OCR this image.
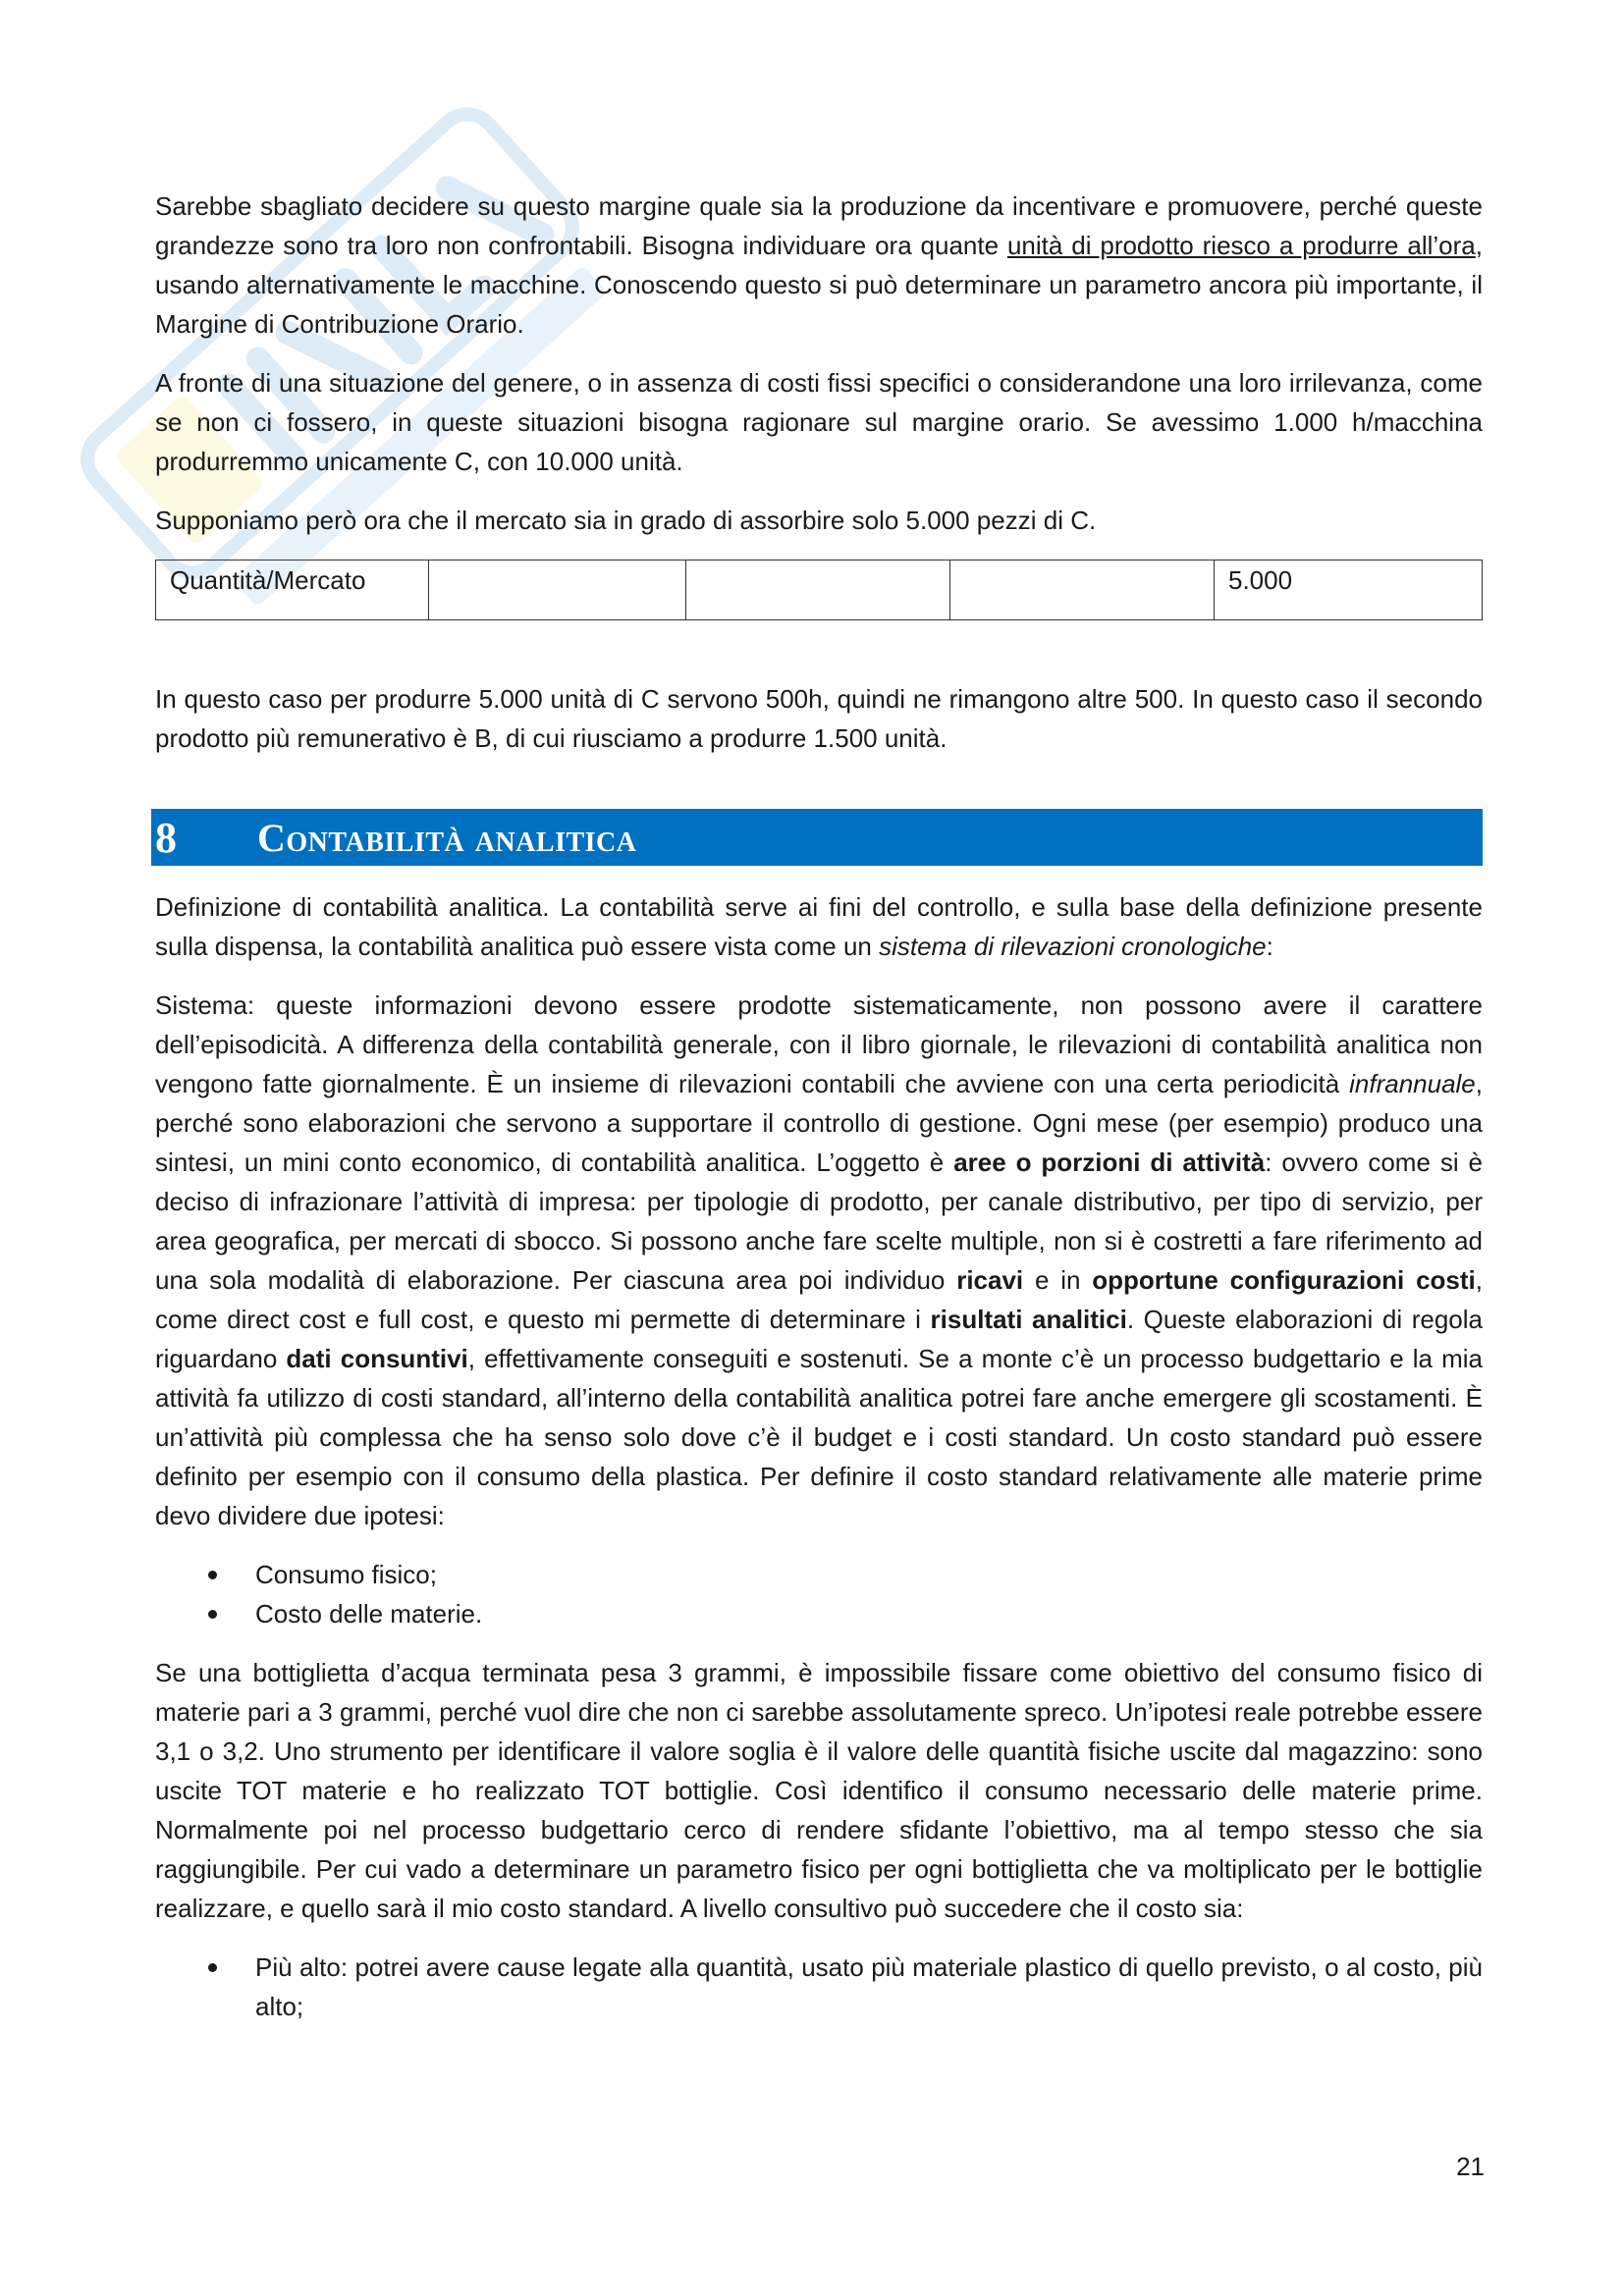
Sarebbe sbagliato decidere su questo margine quale sia la produzione da incentivare e promuovere, perché queste grandezze sono tra loro non confrontabili. Bisogna individuare ora quante unità di prodotto riesco a produrre all’ora, usando alternativamente le macchine. Conoscendo questo si può determinare un parametro ancora più importante, il Margine di Contribuzione Orario.

A fronte di una situazione del genere, o in assenza di costi fissi specifici o considerandone una loro irrilevanza, come se non ci fossero, in queste situazioni bisogna ragionare sul margine orario. Se avessimo 1.000 h/macchina produrremmo unicamente C, con 10.000 unità.

Supponiamo però ora che il mercato sia in grado di assorbire solo 5.000 pezzi di C.

Quantità/Mercato				5.000

In questo caso per produrre 5.000 unità di C servono 500h, quindi ne rimangono altre 500. In questo caso il secondo prodotto più remunerativo è B, di cui riusciamo a produrre 1.500 unità.

8	Contabilità analitica

Definizione di contabilità analitica. La contabilità serve ai fini del controllo, e sulla base della definizione presente sulla dispensa, la contabilità analitica può essere vista come un sistema di rilevazioni cronologiche:

Sistema: queste informazioni devono essere prodotte sistematicamente, non possono avere il carattere dell’episodicità. A differenza della contabilità generale, con il libro giornale, le rilevazioni di contabilità analitica non vengono fatte giornalmente. È un insieme di rilevazioni contabili che avviene con una certa periodicità infrannuale, perché sono elaborazioni che servono a supportare il controllo di gestione. Ogni mese (per esempio) produco una sintesi, un mini conto economico, di contabilità analitica. L’oggetto è aree o porzioni di attività: ovvero come si è deciso di infrazionare l’attività di impresa: per tipologie di prodotto, per canale distributivo, per tipo di servizio, per area geografica, per mercati di sbocco. Si possono anche fare scelte multiple, non si è costretti a fare riferimento ad una sola modalità di elaborazione. Per ciascuna area poi individuo ricavi e in opportune configurazioni costi, come direct cost e full cost, e questo mi permette di determinare i risultati analitici. Queste elaborazioni di regola riguardano dati consuntivi, effettivamente conseguiti e sostenuti. Se a monte c’è un processo budgettario e la mia attività fa utilizzo di costi standard, all’interno della contabilità analitica potrei fare anche emergere gli scostamenti. È un’attività più complessa che ha senso solo dove c’è il budget e i costi standard. Un costo standard può essere definito per esempio con il consumo della plastica. Per definire il costo standard relativamente alle materie prime devo dividere due ipotesi:

Consumo fisico;
Costo delle materie.

Se una bottiglietta d’acqua terminata pesa 3 grammi, è impossibile fissare come obiettivo del consumo fisico di materie pari a 3 grammi, perché vuol dire che non ci sarebbe assolutamente spreco. Un’ipotesi reale potrebbe essere 3,1 o 3,2. Uno strumento per identificare il valore soglia è il valore delle quantità fisiche uscite dal magazzino: sono uscite TOT materie e ho realizzato TOT bottiglie. Così identifico il consumo necessario delle materie prime. Normalmente poi nel processo budgettario cerco di rendere sfidante l’obiettivo, ma al tempo stesso che sia raggiungibile. Per cui vado a determinare un parametro fisico per ogni bottiglietta che va moltiplicato per le bottiglie realizzare, e quello sarà il mio costo standard. A livello consultivo può succedere che il costo sia:

Più alto: potrei avere cause legate alla quantità, usato più materiale plastico di quello previsto, o al costo, più alto;
21
